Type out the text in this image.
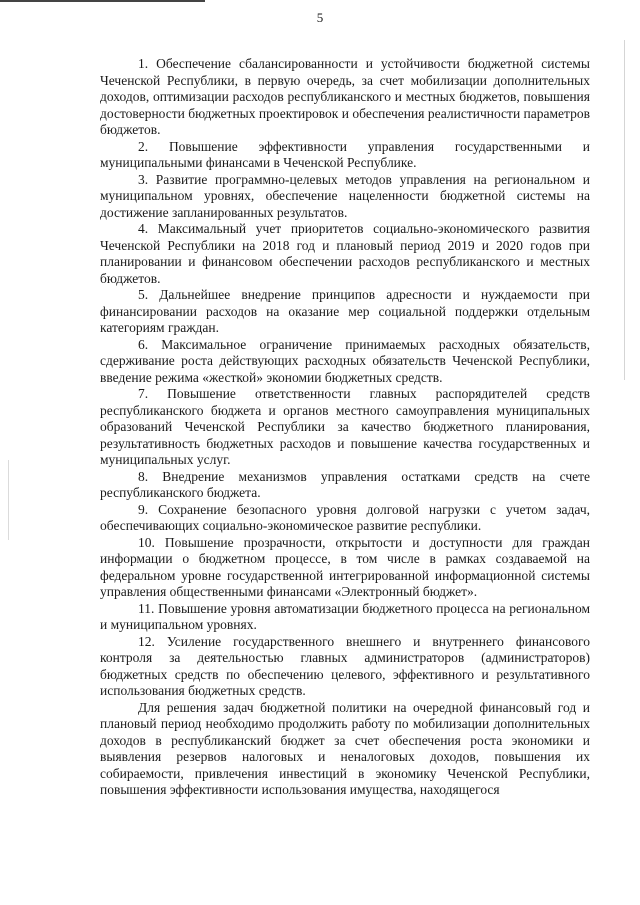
5

1. Обеспечение сбалансированности и устойчивости бюджетной системы Чеченской Республики, в первую очередь, за счет мобилизации дополнительных доходов, оптимизации расходов республиканского и местных бюджетов, повышения достоверности бюджетных проектировок и обеспечения реалистичности параметров бюджетов.

2. Повышение эффективности управления государственными и муниципальными финансами в Чеченской Республике.

3. Развитие программно-целевых методов управления на региональном и муниципальном уровнях, обеспечение нацеленности бюджетной системы на достижение запланированных результатов.

4. Максимальный учет приоритетов социально-экономического развития Чеченской Республики на 2018 год и плановый период 2019 и 2020 годов при планировании и финансовом обеспечении расходов республиканского и местных бюджетов.

5. Дальнейшее внедрение принципов адресности и нуждаемости при финансировании расходов на оказание мер социальной поддержки отдельным категориям граждан.

6. Максимальное ограничение принимаемых расходных обязательств, сдерживание роста действующих расходных обязательств Чеченской Республики, введение режима «жесткой» экономии бюджетных средств.

7. Повышение ответственности главных распорядителей средств республиканского бюджета и органов местного самоуправления муниципальных образований Чеченской Республики за качество бюджетного планирования, результативность бюджетных расходов и повышение качества государственных и муниципальных услуг.

8. Внедрение механизмов управления остатками средств на счете республиканского бюджета.

9. Сохранение безопасного уровня долговой нагрузки с учетом задач, обеспечивающих социально-экономическое развитие республики.

10. Повышение прозрачности, открытости и доступности для граждан информации о бюджетном процессе, в том числе в рамках создаваемой на федеральном уровне государственной интегрированной информационной системы управления общественными финансами «Электронный бюджет».

11. Повышение уровня автоматизации бюджетного процесса на региональном и муниципальном уровнях.

12. Усиление государственного внешнего и внутреннего финансового контроля за деятельностью главных администраторов (администраторов) бюджетных средств по обеспечению целевого, эффективного и результативного использования бюджетных средств.

Для решения задач бюджетной политики на очередной финансовый год и плановый период необходимо продолжить работу по мобилизации дополнительных доходов в республиканский бюджет за счет обеспечения роста экономики и выявления резервов налоговых и неналоговых доходов, повышения их собираемости, привлечения инвестиций в экономику Чеченской Республики, повышения эффективности использования имущества, находящегося
